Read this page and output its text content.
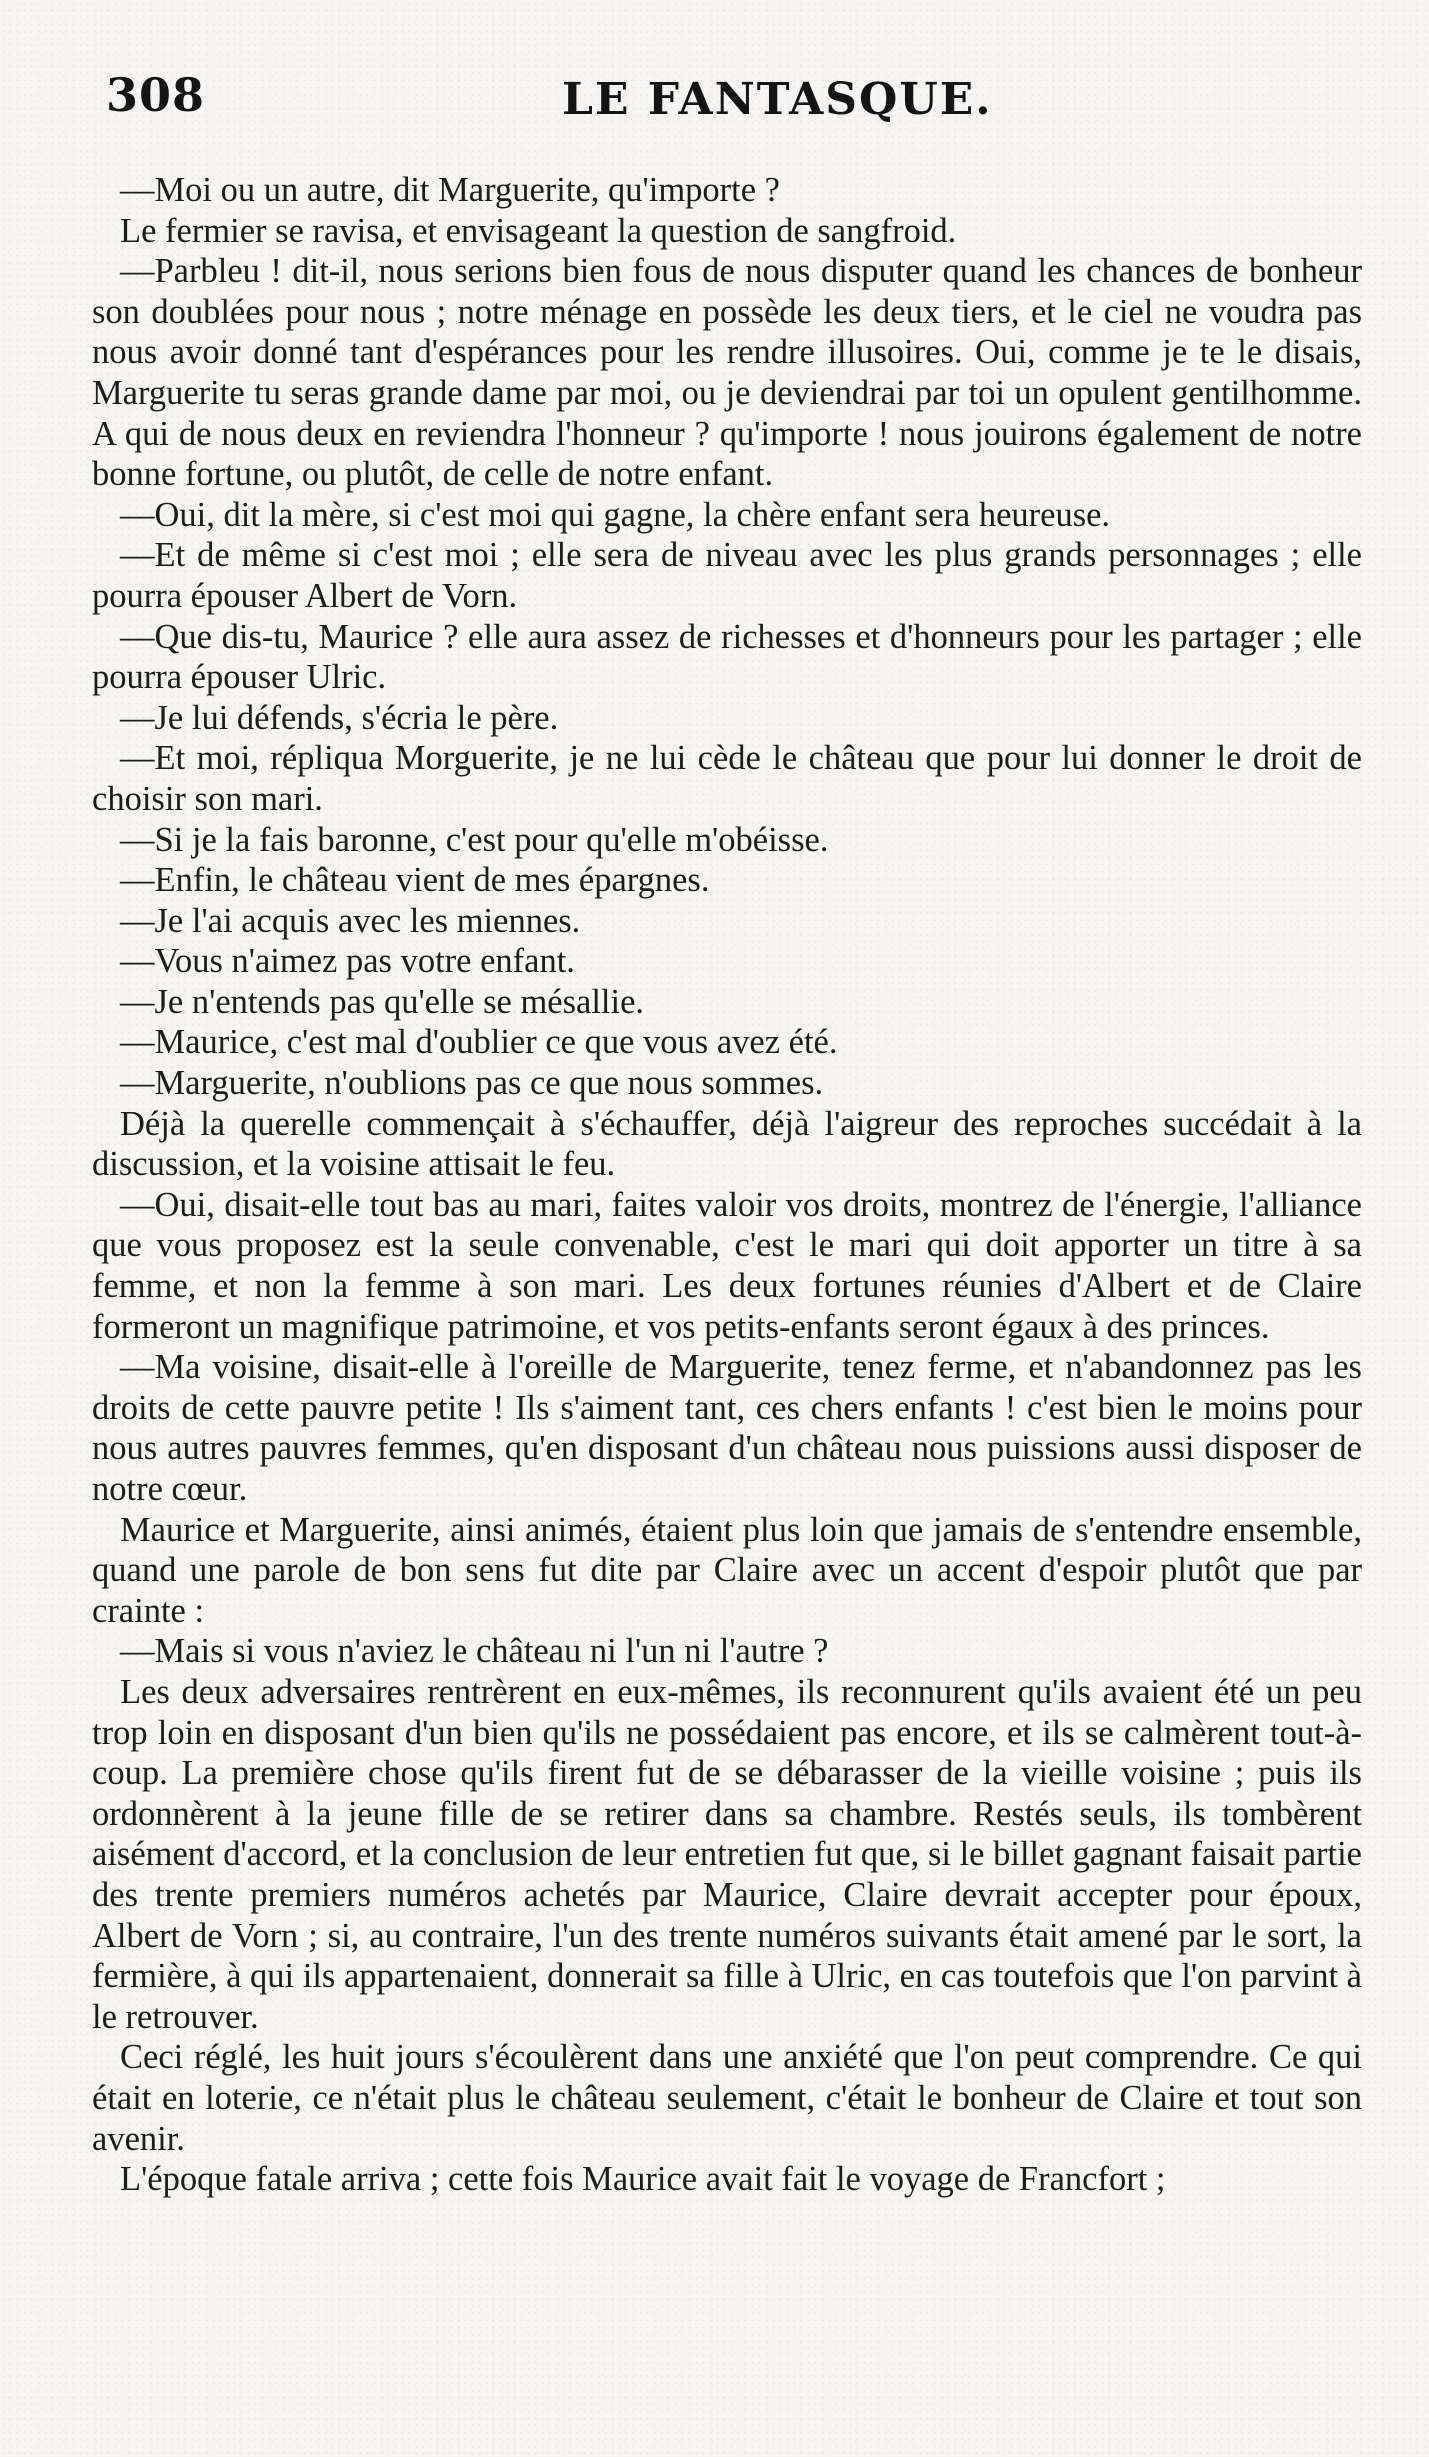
308	LE FANTASQUE.

—Moi ou un autre, dit Marguerite, qu'importe ?

Le fermier se ravisa, et envisageant la question de sangfroid.

—Parbleu ! dit-il, nous serions bien fous de nous disputer quand les chances de bonheur son doublées pour nous ; notre ménage en possède les deux tiers, et le ciel ne voudra pas nous avoir donné tant d'espérances pour les rendre illusoires. Oui, comme je te le disais, Marguerite tu seras grande dame par moi, ou je deviendrai par toi un opulent gentilhomme. A qui de nous deux en reviendra l'honneur ? qu'importe ! nous jouirons également de notre bonne fortune, ou plutôt, de celle de notre enfant.

—Oui, dit la mère, si c'est moi qui gagne, la chère enfant sera heureuse.

—Et de même si c'est moi ; elle sera de niveau avec les plus grands personnages ; elle pourra épouser Albert de Vorn.

—Que dis-tu, Maurice ? elle aura assez de richesses et d'honneurs pour les partager ; elle pourra épouser Ulric.

—Je lui défends, s'écria le père.

—Et moi, répliqua Morguerite, je ne lui cède le château que pour lui donner le droit de choisir son mari.

—Si je la fais baronne, c'est pour qu'elle m'obéisse.

—Enfin, le château vient de mes épargnes.

—Je l'ai acquis avec les miennes.

—Vous n'aimez pas votre enfant.

—Je n'entends pas qu'elle se mésallie.

—Maurice, c'est mal d'oublier ce que vous avez été.

—Marguerite, n'oublions pas ce que nous sommes.

Déjà la querelle commençait à s'échauffer, déjà l'aigreur des reproches succédait à la discussion, et la voisine attisait le feu.

—Oui, disait-elle tout bas au mari, faites valoir vos droits, montrez de l'énergie, l'alliance que vous proposez est la seule convenable, c'est le mari qui doit apporter un titre à sa femme, et non la femme à son mari. Les deux fortunes réunies d'Albert et de Claire formeront un magnifique patrimoine, et vos petits-enfants seront égaux à des princes.

—Ma voisine, disait-elle à l'oreille de Marguerite, tenez ferme, et n'abandonnez pas les droits de cette pauvre petite ! Ils s'aiment tant, ces chers enfants ! c'est bien le moins pour nous autres pauvres femmes, qu'en disposant d'un château nous puissions aussi disposer de notre cœur.

Maurice et Marguerite, ainsi animés, étaient plus loin que jamais de s'entendre ensemble, quand une parole de bon sens fut dite par Claire avec un accent d'espoir plutôt que par crainte :

—Mais si vous n'aviez le château ni l'un ni l'autre ?

Les deux adversaires rentrèrent en eux-mêmes, ils reconnurent qu'ils avaient été un peu trop loin en disposant d'un bien qu'ils ne possédaient pas encore, et ils se calmèrent tout-à-coup. La première chose qu'ils firent fut de se débarasser de la vieille voisine ; puis ils ordonnèrent à la jeune fille de se retirer dans sa chambre. Restés seuls, ils tombèrent aisément d'accord, et la conclusion de leur entretien fut que, si le billet gagnant faisait partie des trente premiers numéros achetés par Maurice, Claire devrait accepter pour époux, Albert de Vorn ; si, au contraire, l'un des trente numéros suivants était amené par le sort, la fermière, à qui ils appartenaient, donnerait sa fille à Ulric, en cas toutefois que l'on parvint à le retrouver.

Ceci réglé, les huit jours s'écoulèrent dans une anxiété que l'on peut comprendre. Ce qui était en loterie, ce n'était plus le château seulement, c'était le bonheur de Claire et tout son avenir.

L'époque fatale arriva ; cette fois Maurice avait fait le voyage de Francfort ;
